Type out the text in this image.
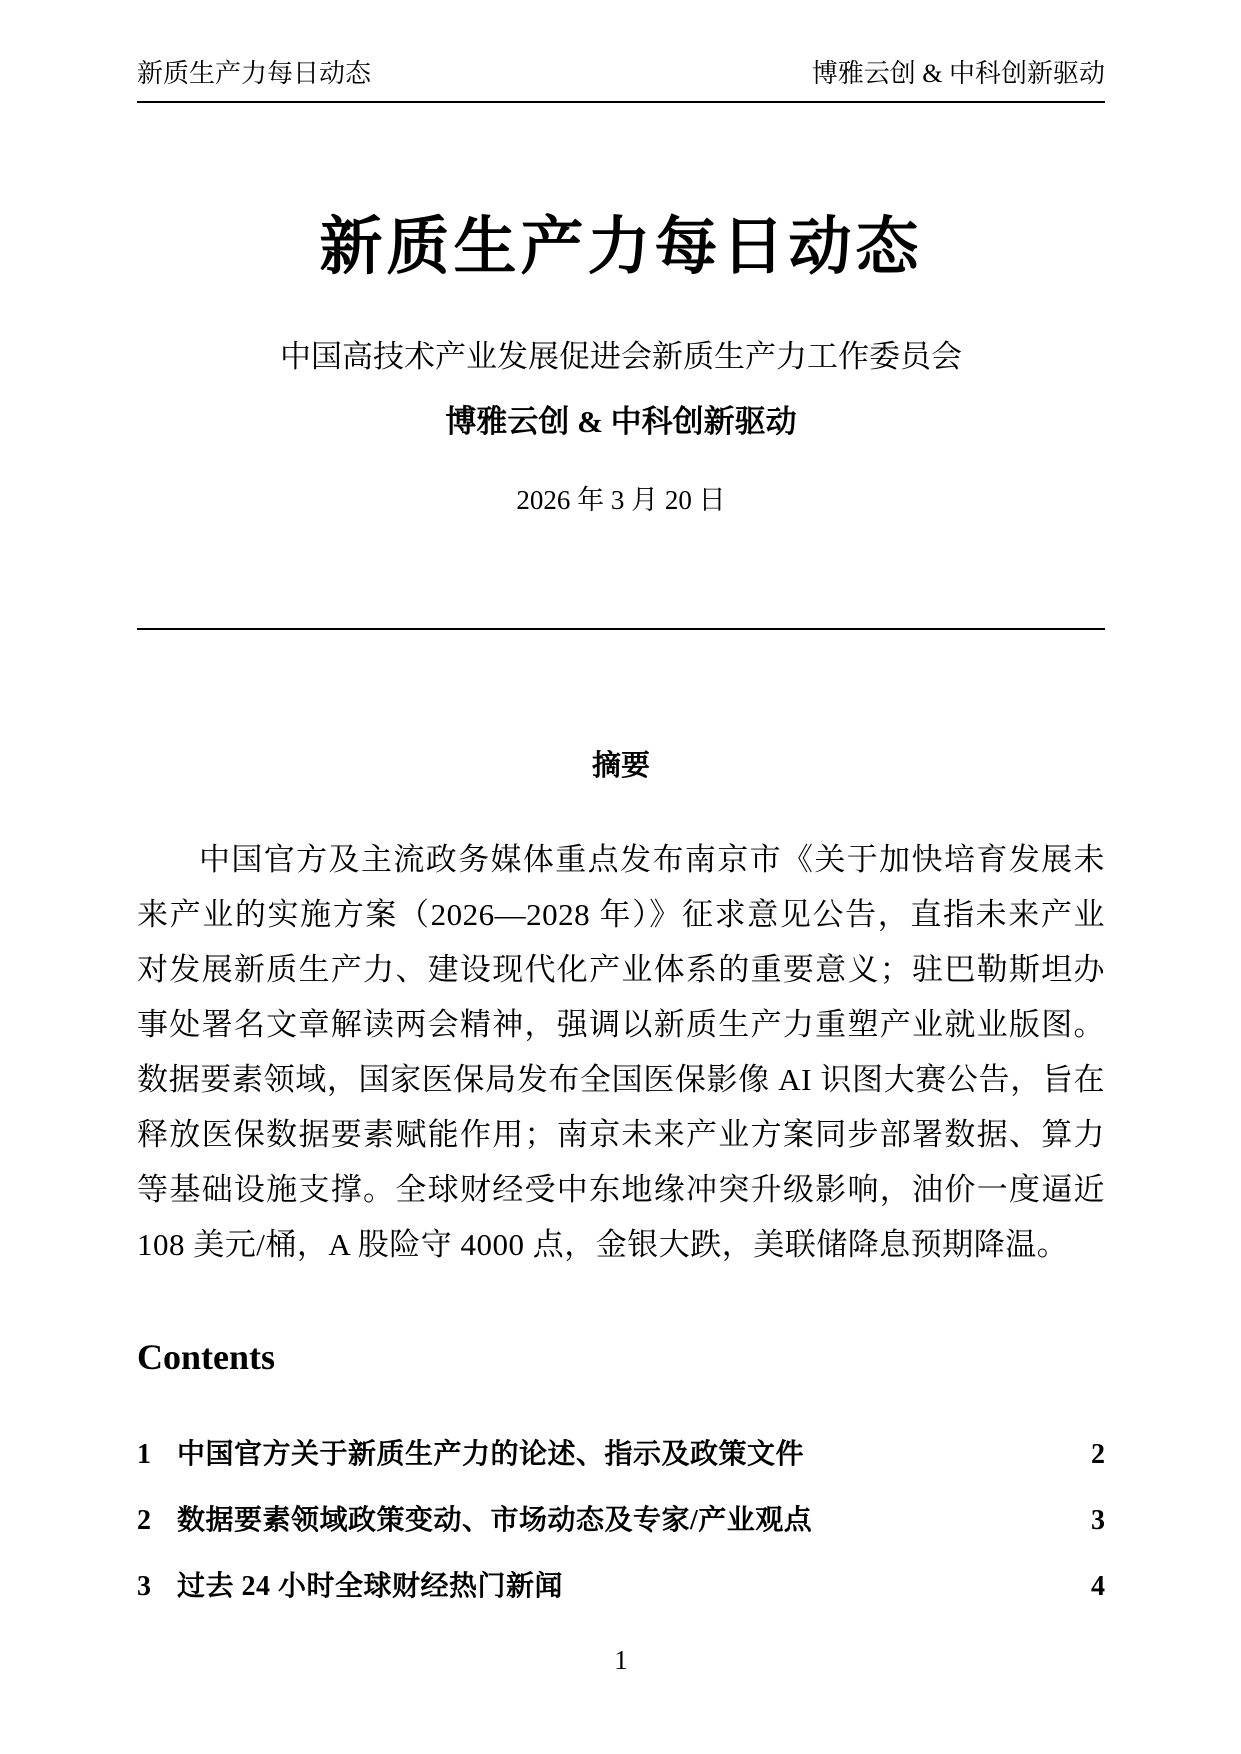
新质生产力每日动态	博雅云创 & 中科创新驱动
新质生产力每日动态
中国高技术产业发展促进会新质生产力工作委员会
博雅云创 & 中科创新驱动
2026 年 3 月 20 日
摘要
中国官方及主流政务媒体重点发布南京市《关于加快培育发展未来产业的实施方案（2026—2028 年）》征求意见公告，直指未来产业对发展新质生产力、建设现代化产业体系的重要意义；驻巴勒斯坦办事处署名文章解读两会精神，强调以新质生产力重塑产业就业版图。数据要素领域，国家医保局发布全国医保影像 AI 识图大赛公告，旨在释放医保数据要素赋能作用；南京未来产业方案同步部署数据、算力等基础设施支撑。全球财经受中东地缘冲突升级影响，油价一度逼近 108 美元/桶，A 股险守 4000 点，金银大跌，美联储降息预期降温。
Contents
1 中国官方关于新质生产力的论述、指示及政策文件	2
2 数据要素领域政策变动、市场动态及专家/产业观点	3
3 过去 24 小时全球财经热门新闻	4
1
